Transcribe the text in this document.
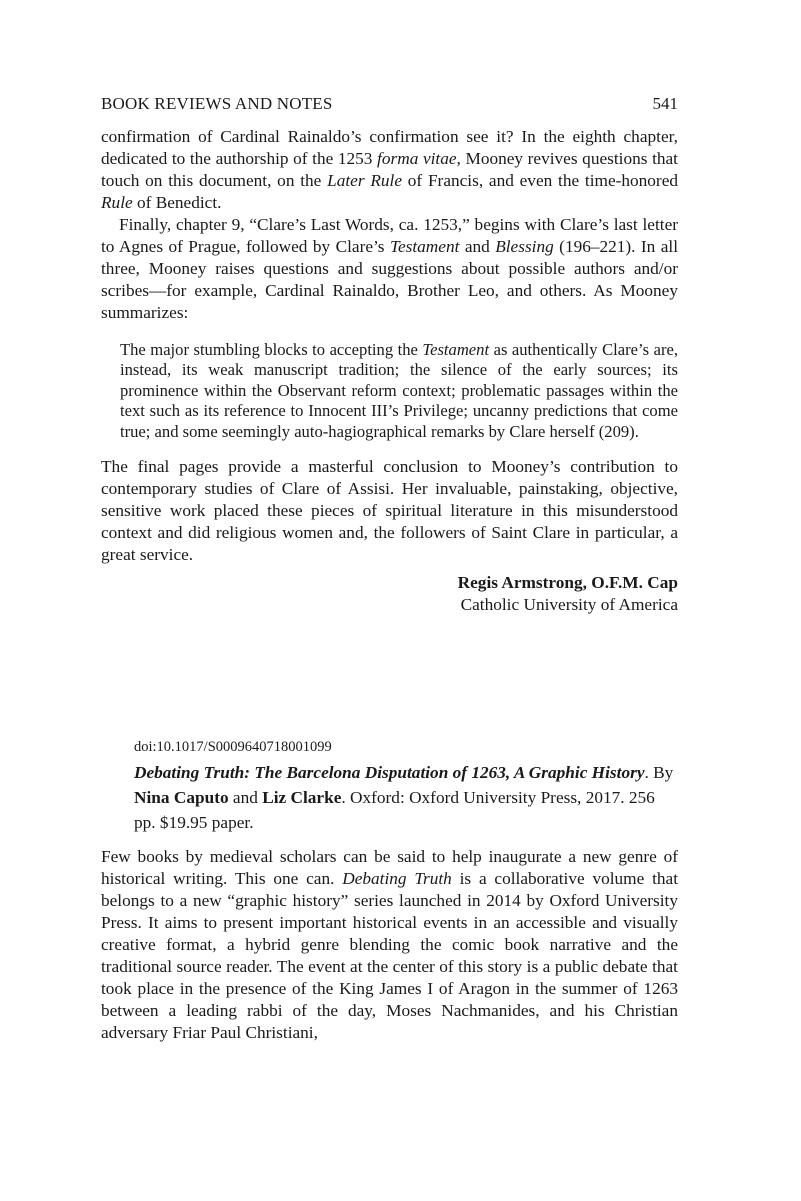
BOOK REVIEWS AND NOTES	541

confirmation of Cardinal Rainaldo’s confirmation see it? In the eighth chapter, dedicated to the authorship of the 1253 forma vitae, Mooney revives questions that touch on this document, on the Later Rule of Francis, and even the time-honored Rule of Benedict.

Finally, chapter 9, “Clare’s Last Words, ca. 1253,” begins with Clare’s last letter to Agnes of Prague, followed by Clare’s Testament and Blessing (196–221). In all three, Mooney raises questions and suggestions about possible authors and/or scribes—for example, Cardinal Rainaldo, Brother Leo, and others. As Mooney summarizes:

The major stumbling blocks to accepting the Testament as authentically Clare’s are, instead, its weak manuscript tradition; the silence of the early sources; its prominence within the Observant reform context; problematic passages within the text such as its reference to Innocent III’s Privilege; uncanny predictions that come true; and some seemingly auto-hagiographical remarks by Clare herself (209).

The final pages provide a masterful conclusion to Mooney’s contribution to contemporary studies of Clare of Assisi. Her invaluable, painstaking, objective, sensitive work placed these pieces of spiritual literature in this misunderstood context and did religious women and, the followers of Saint Clare in particular, a great service.

Regis Armstrong, O.F.M. Cap
Catholic University of America
doi:10.1017/S0009640718001099
Debating Truth: The Barcelona Disputation of 1263, A Graphic History. By Nina Caputo and Liz Clarke. Oxford: Oxford University Press, 2017. 256 pp. $19.95 paper.

Few books by medieval scholars can be said to help inaugurate a new genre of historical writing. This one can. Debating Truth is a collaborative volume that belongs to a new “graphic history” series launched in 2014 by Oxford University Press. It aims to present important historical events in an accessible and visually creative format, a hybrid genre blending the comic book narrative and the traditional source reader. The event at the center of this story is a public debate that took place in the presence of the King James I of Aragon in the summer of 1263 between a leading rabbi of the day, Moses Nachmanides, and his Christian adversary Friar Paul Christiani,
